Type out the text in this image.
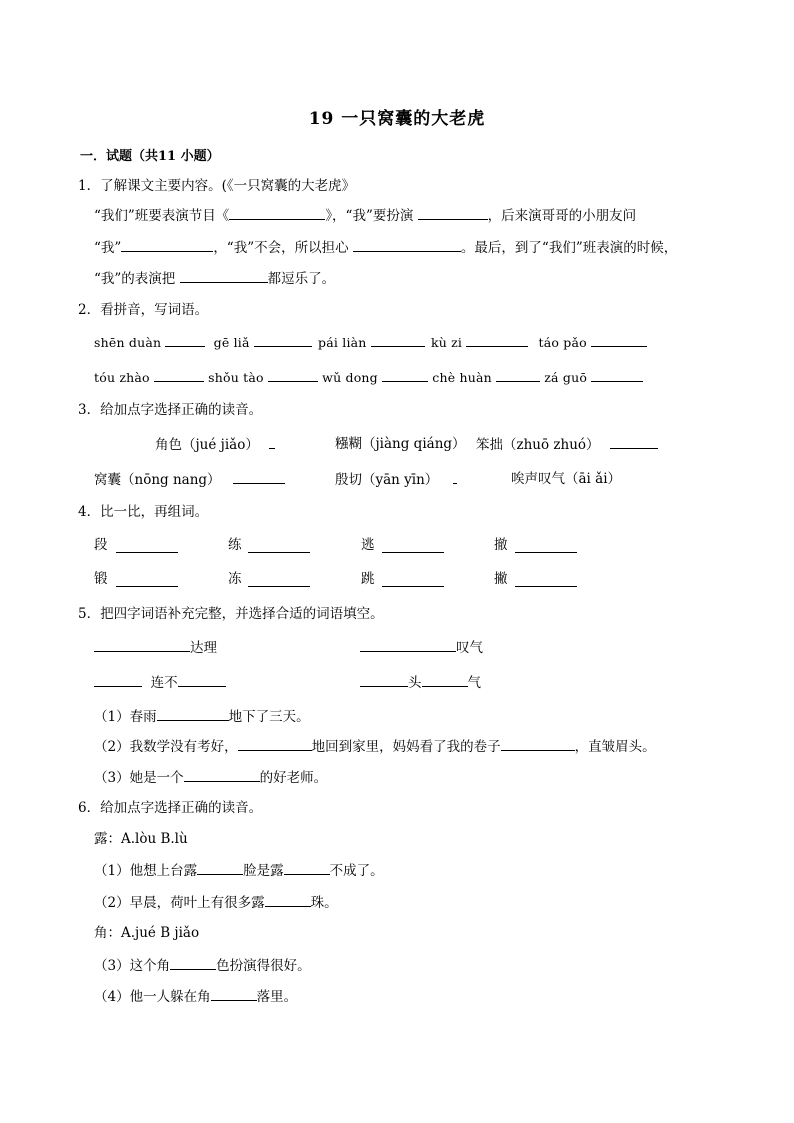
19 一只窝囊的大老虎
一．试题（共11 小题）
1．了解课文主要内容。(《一只窝囊的大老虎》
“我们”班要表演节目《	》，“我”要扮演	，后来演哥哥的小朋友问
“我”	，“我”不会，所以担心	。最后，到了“我们”班表演的时候，
“我”的表演把	都逗乐了。
2．看拼音，写词语。
shēn duàn	gē liǎ	pái liàn	kù zi	táo pǎo
tóu zhào	shǒu tào	wǔ dong	chè huàn	zá guō
3．给加点字选择正确的读音。
角色（jué jiǎo）	糨糊（jiàng qiáng） 笨拙（zhuō zhuó）
窝囊（nōng nang）	殷切（yān yīn）	唉声叹气（āi ǎi）
4．比一比，再组词。
段	练	逃	撤
锻	冻	跳	撇
5．把四字词语补充完整，并选择合适的词语填空。
达理	叹气
连不	头	气
（1）春雨	地下了三天。
（2）我数学没有考好，	地回到家里，妈妈看了我的卷子	，直皱眉头。
（3）她是一个	的好老师。
6．给加点字选择正确的读音。
露：A.lòu B.lù
（1）他想上台露	脸是露	不成了。
（2）早晨，荷叶上有很多露	珠。
角：A.jué B jiǎo
（3）这个角	色扮演得很好。
（4）他一人躲在角	落里。
